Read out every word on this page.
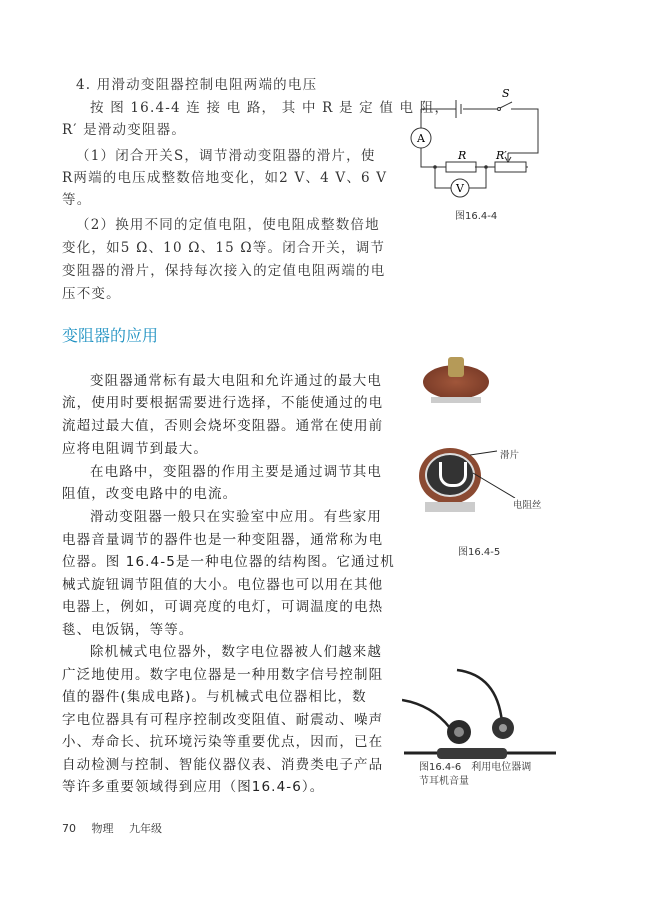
4. 用滑动变阻器控制电阻两端的电压
按 图 16.4-4 连 接 电 路， 其 中 R 是 定 值 电 阻，
R′ 是滑动变阻器。
（1）闭合开关S，调节滑动变阻器的滑片，使
R两端的电压成整数倍地变化，如2 V、4 V、6 V
等。
（2）换用不同的定值电阻，使电阻成整数倍地
变化，如5 Ω、10 Ω、15 Ω等。闭合开关，调节
变阻器的滑片，保持每次接入的定值电阻两端的电
压不变。
A
V
S
R	R′
图16.4-4
变阻器的应用
变阻器通常标有最大电阻和允许通过的最大电
流，使用时要根据需要进行选择，不能使通过的电
流超过最大值，否则会烧坏变阻器。通常在使用前
应将电阻调节到最大。
在电路中，变阻器的作用主要是通过调节其电
阻值，改变电路中的电流。
滑动变阻器一般只在实验室中应用。有些家用
电器音量调节的器件也是一种变阻器，通常称为电
位器。图 16.4-5是一种电位器的结构图。它通过机
械式旋钮调节阻值的大小。电位器也可以用在其他
电器上，例如，可调亮度的电灯，可调温度的电热
毯、电饭锅，等等。
除机械式电位器外，数字电位器被人们越来越
广泛地使用。数字电位器是一种用数字信号控制阻
值的器件(集成电路)。与机械式电位器相比，数
字电位器具有可程序控制改变阻值、耐震动、噪声
小、寿命长、抗环境污染等重要优点，因而，已在
自动检测与控制、智能仪器仪表、消费类电子产品
等许多重要领域得到应用（图16.4-6）。
滑片
电阻丝
图16.4-5
图16.4-6　利用电位器调
节耳机音量
70 物理 九年级
